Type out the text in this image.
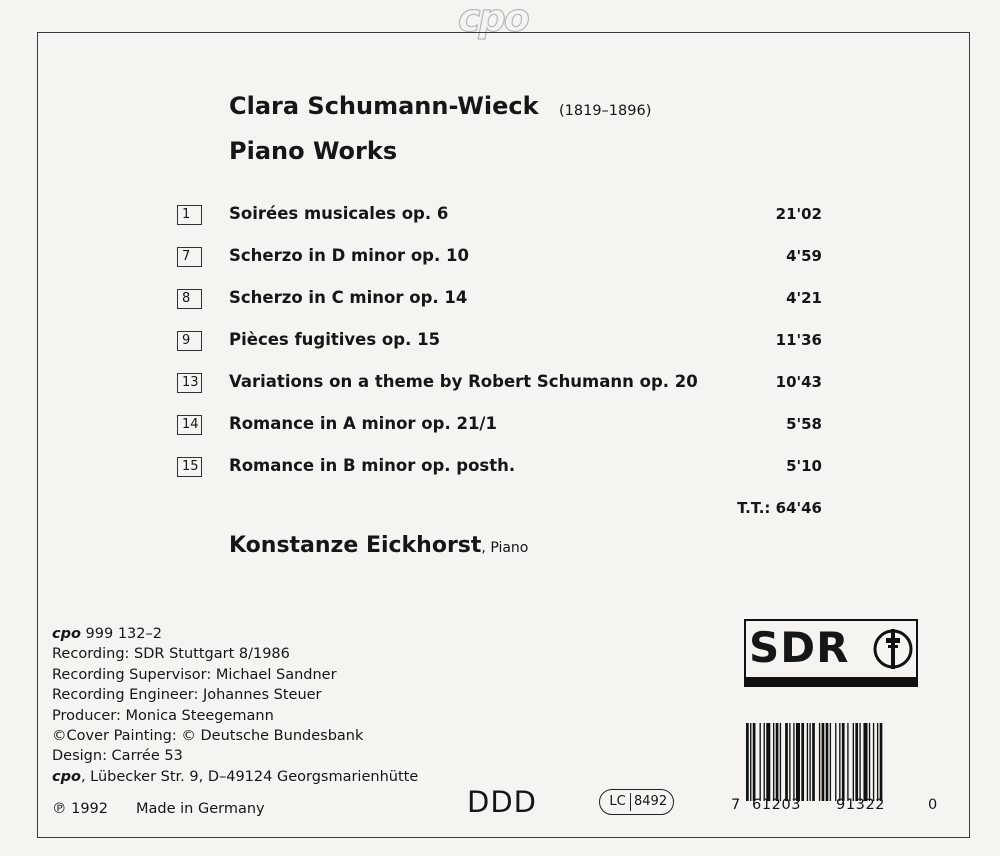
cpo
Clara Schumann-Wieck (1819–1896)
Piano Works
1	Soirées musicales op. 6	21'02
7	Scherzo in D minor op. 10	4'59
8	Scherzo in C minor op. 14	4'21
9	Pièces fugitives op. 15	11'36
13 Variations on a theme by Robert Schumann op. 20	10'43
14 Romance in A minor op. 21/1	5'58
15 Romance in B minor op. posth.	5'10
T.T.: 64'46
Konstanze Eickhorst, Piano
cpo 999 132–2
Recording: SDR Stuttgart 8/1986
Recording Supervisor: Michael Sandner
Recording Engineer: Johannes Steuer
Producer: Monica Steegemann
©Cover Painting: © Deutsche Bundesbank
Design: Carrée 53
cpo, Lübecker Str. 9, D–49124 Georgsmarienhütte
℗ 1992 Made in Germany	DDD	LC 8492
SDR
7 61203 91322	0
